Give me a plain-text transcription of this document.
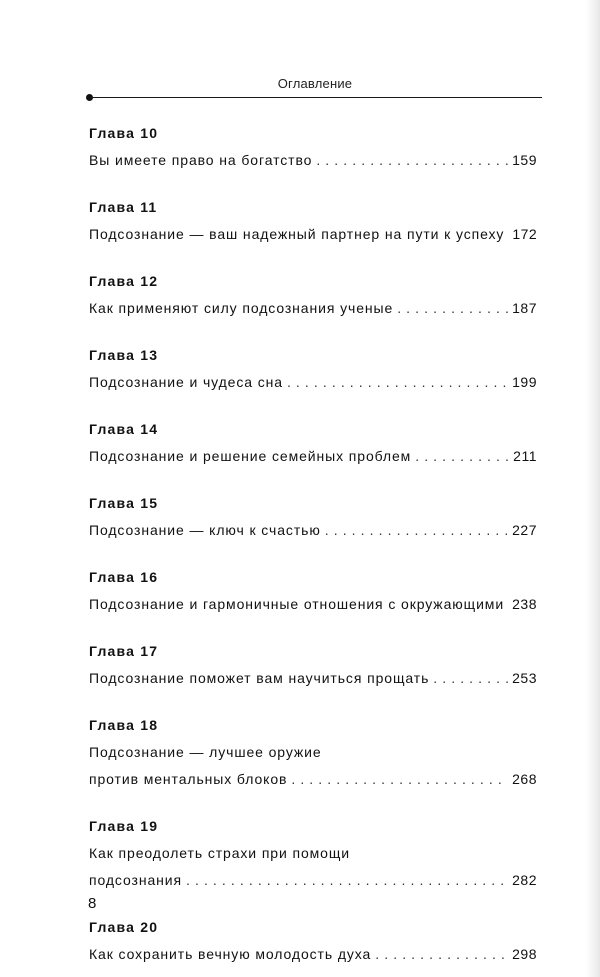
Оглавление
Глава 10
Вы имеете право на богатство . . .	159
Глава 11
Подсознание — ваш надежный партнер на пути к успеху 172
Глава 12
Как применяют силу подсознания ученые . . .	187
Глава 13
Подсознание и чудеса сна . . .	199
Глава 14
Подсознание и решение семейных проблем . . .	211
Глава 15
Подсознание — ключ к счастью . . .	227
Глава 16
Подсознание и гармоничные отношения с окружающими . . . 238
Глава 17
Подсознание поможет вам научиться прощать . . .	253
Глава 18
Подсознание — лучшее оружие
против ментальных блоков . . .	268
Глава 19
Как преодолеть страхи при помощи
подсознания . . .	282
Глава 20
Как сохранить вечную молодость духа . . .	298
8
